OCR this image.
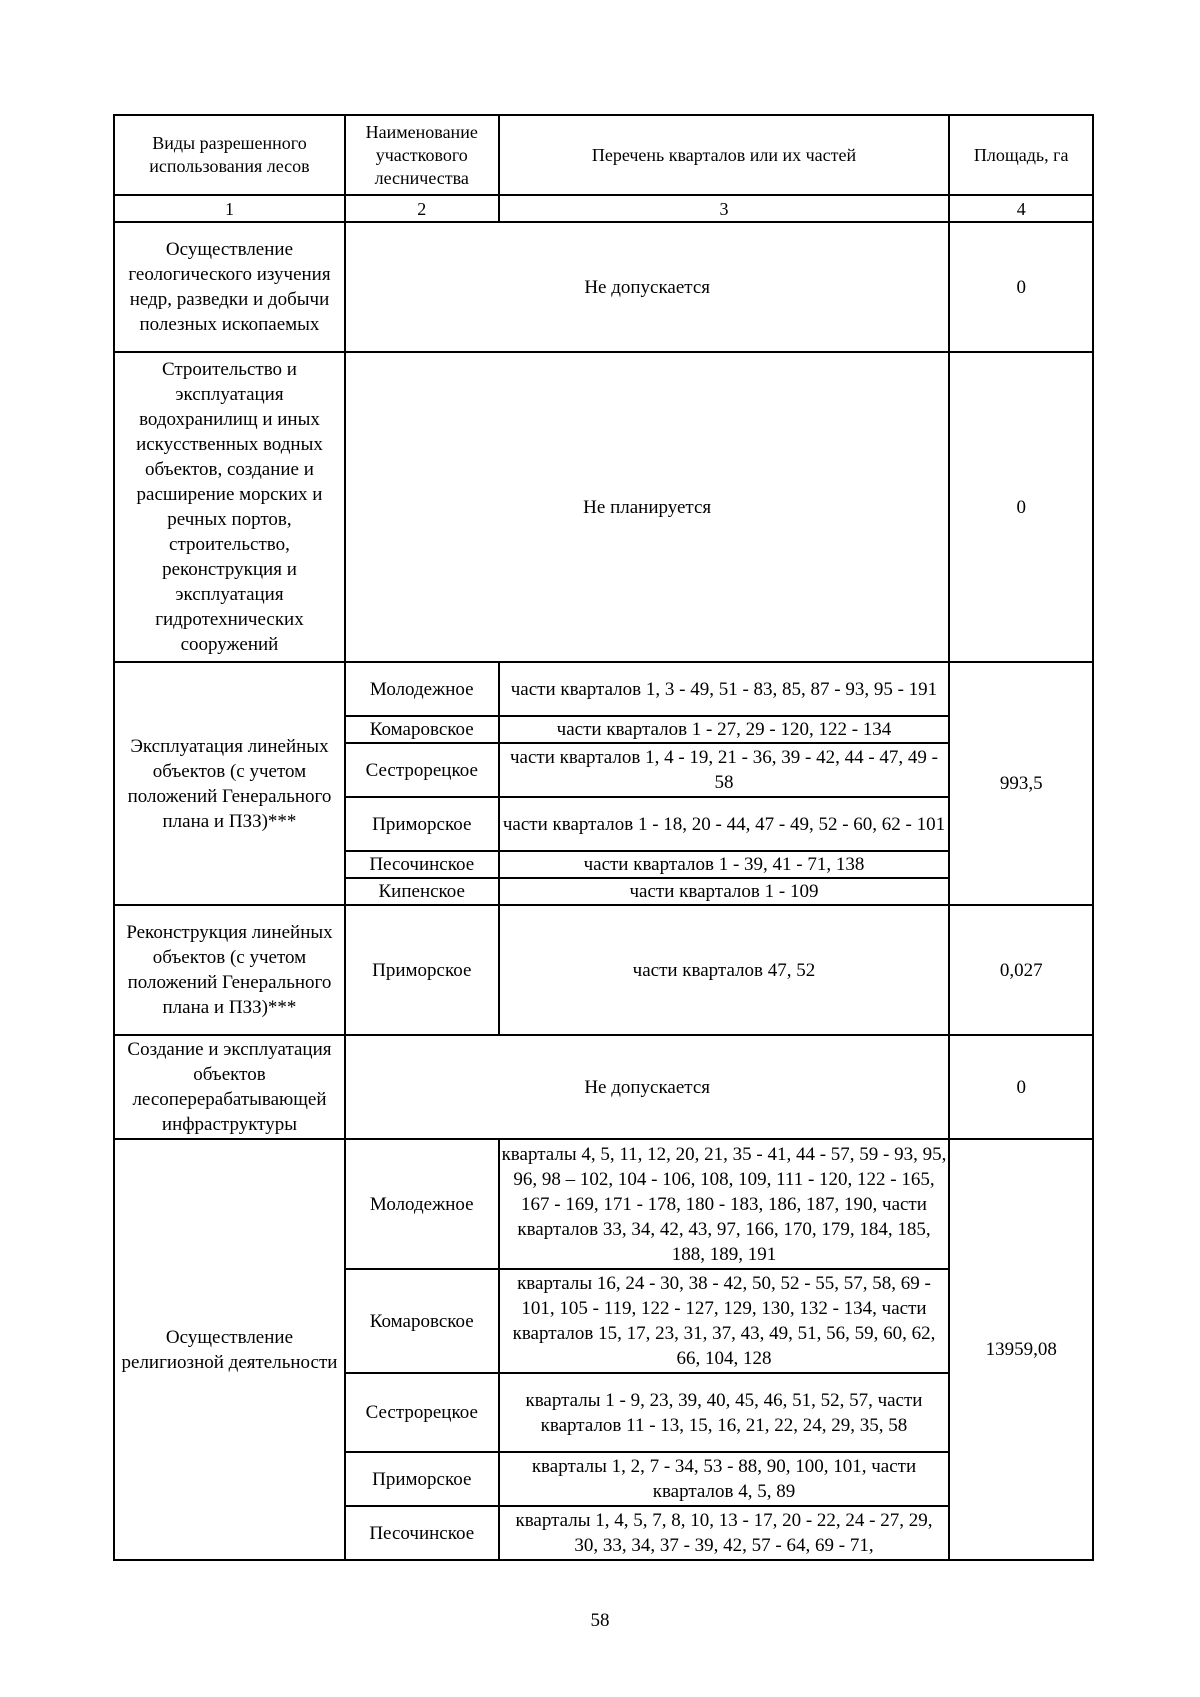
Виды разрешенного использования лесов	Наименование участкового лесничества	Перечень кварталов или их частей	Площадь, га
1	2	3	4
Осуществление геологического изучения недр, разведки и добычи полезных ископаемых	Не допускается		0
Строительство и эксплуатация водохранилищ и иных искусственных водных объектов, создание и расширение морских и речных портов, строительство, реконструкция и эксплуатация гидротехнических сооружений	Не планируется		0
Эксплуатация линейных объектов (с учетом положений Генерального плана и ПЗЗ)***	Молодежное	части кварталов 1, 3 - 49, 51 - 83, 85, 87 - 93, 95 - 191	993,5
	Комаровское	части кварталов 1 - 27, 29 - 120, 122 - 134	
	Сестрорецкое	части кварталов 1, 4 - 19, 21 - 36, 39 - 42, 44 - 47, 49 - 58	
	Приморское	части кварталов 1 - 18, 20 - 44, 47 - 49, 52 - 60, 62 - 101	
	Песочинское	части кварталов 1 - 39, 41 - 71, 138	
	Кипенское	части кварталов 1 - 109	
Реконструкция линейных объектов (с учетом положений Генерального плана и ПЗЗ)***	Приморское	части кварталов 47, 52	0,027
Создание и эксплуатация объектов лесоперерабатывающей инфраструктуры	Не допускается		0
Осуществление религиозной деятельности	Молодежное	кварталы 4, 5, 11, 12, 20, 21, 35 - 41, 44 - 57, 59 - 93, 95, 96, 98 – 102, 104 - 106, 108, 109, 111 - 120, 122 - 165, 167 - 169, 171 - 178, 180 - 183, 186, 187, 190, части кварталов 33, 34, 42, 43, 97, 166, 170, 179, 184, 185, 188, 189, 191	13959,08
	Комаровское	кварталы 16, 24 - 30, 38 - 42, 50, 52 - 55, 57, 58, 69 - 101, 105 - 119, 122 - 127, 129, 130, 132 - 134, части кварталов 15, 17, 23, 31, 37, 43, 49, 51, 56, 59, 60, 62, 66, 104, 128	
	Сестрорецкое	кварталы 1 - 9, 23, 39, 40, 45, 46, 51, 52, 57, части кварталов 11 - 13, 15, 16, 21, 22, 24, 29, 35, 58	
	Приморское	кварталы 1, 2, 7 - 34, 53 - 88, 90, 100, 101, части кварталов 4, 5, 89	
	Песочинское	кварталы 1, 4, 5, 7, 8, 10, 13 - 17, 20 - 22, 24 - 27, 29, 30, 33, 34, 37 - 39, 42, 57 - 64, 69 - 71,	
58
